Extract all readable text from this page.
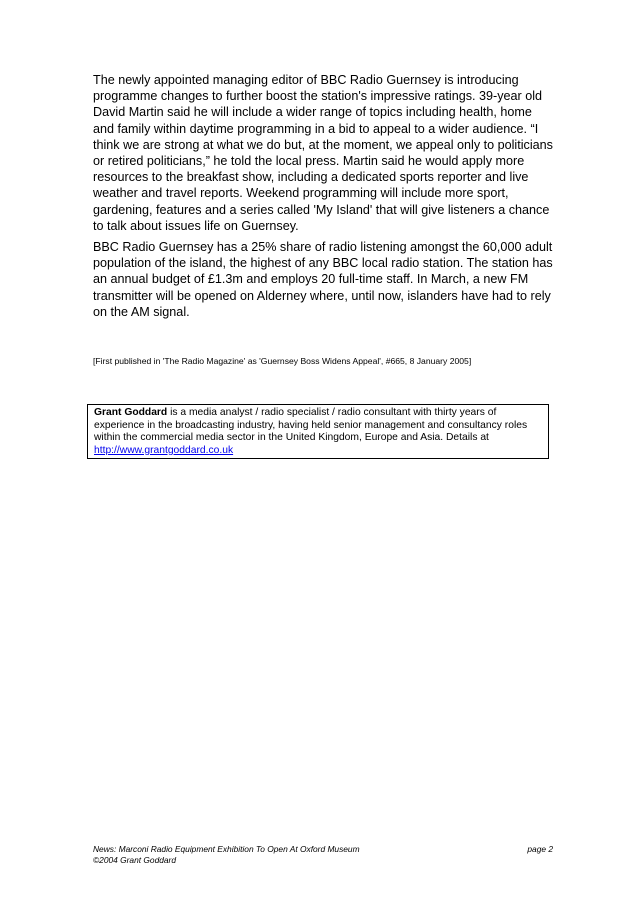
The newly appointed managing editor of BBC Radio Guernsey is introducing programme changes to further boost the station's impressive ratings. 39-year old David Martin said he will include a wider range of topics including health, home and family within daytime programming in a bid to appeal to a wider audience. “I think we are strong at what we do but, at the moment, we appeal only to politicians or retired politicians,” he told the local press. Martin said he would apply more resources to the breakfast show, including a dedicated sports reporter and live weather and travel reports. Weekend programming will include more sport, gardening, features and a series called 'My Island' that will give listeners a chance to talk about issues life on Guernsey.

BBC Radio Guernsey has a 25% share of radio listening amongst the 60,000 adult population of the island, the highest of any BBC local radio station. The station has an annual budget of £1.3m and employs 20 full-time staff. In March, a new FM transmitter will be opened on Alderney where, until now, islanders have had to rely on the AM signal.

[First published in 'The Radio Magazine' as 'Guernsey Boss Widens Appeal', #665, 8 January 2005]

Grant Goddard is a media analyst / radio specialist / radio consultant with thirty years of experience in the broadcasting industry, having held senior management and consultancy roles within the commercial media sector in the United Kingdom, Europe and Asia. Details at http://www.grantgoddard.co.uk
News: Marconi Radio Equipment Exhibition To Open At Oxford Museum	page 2
©2004 Grant Goddard
